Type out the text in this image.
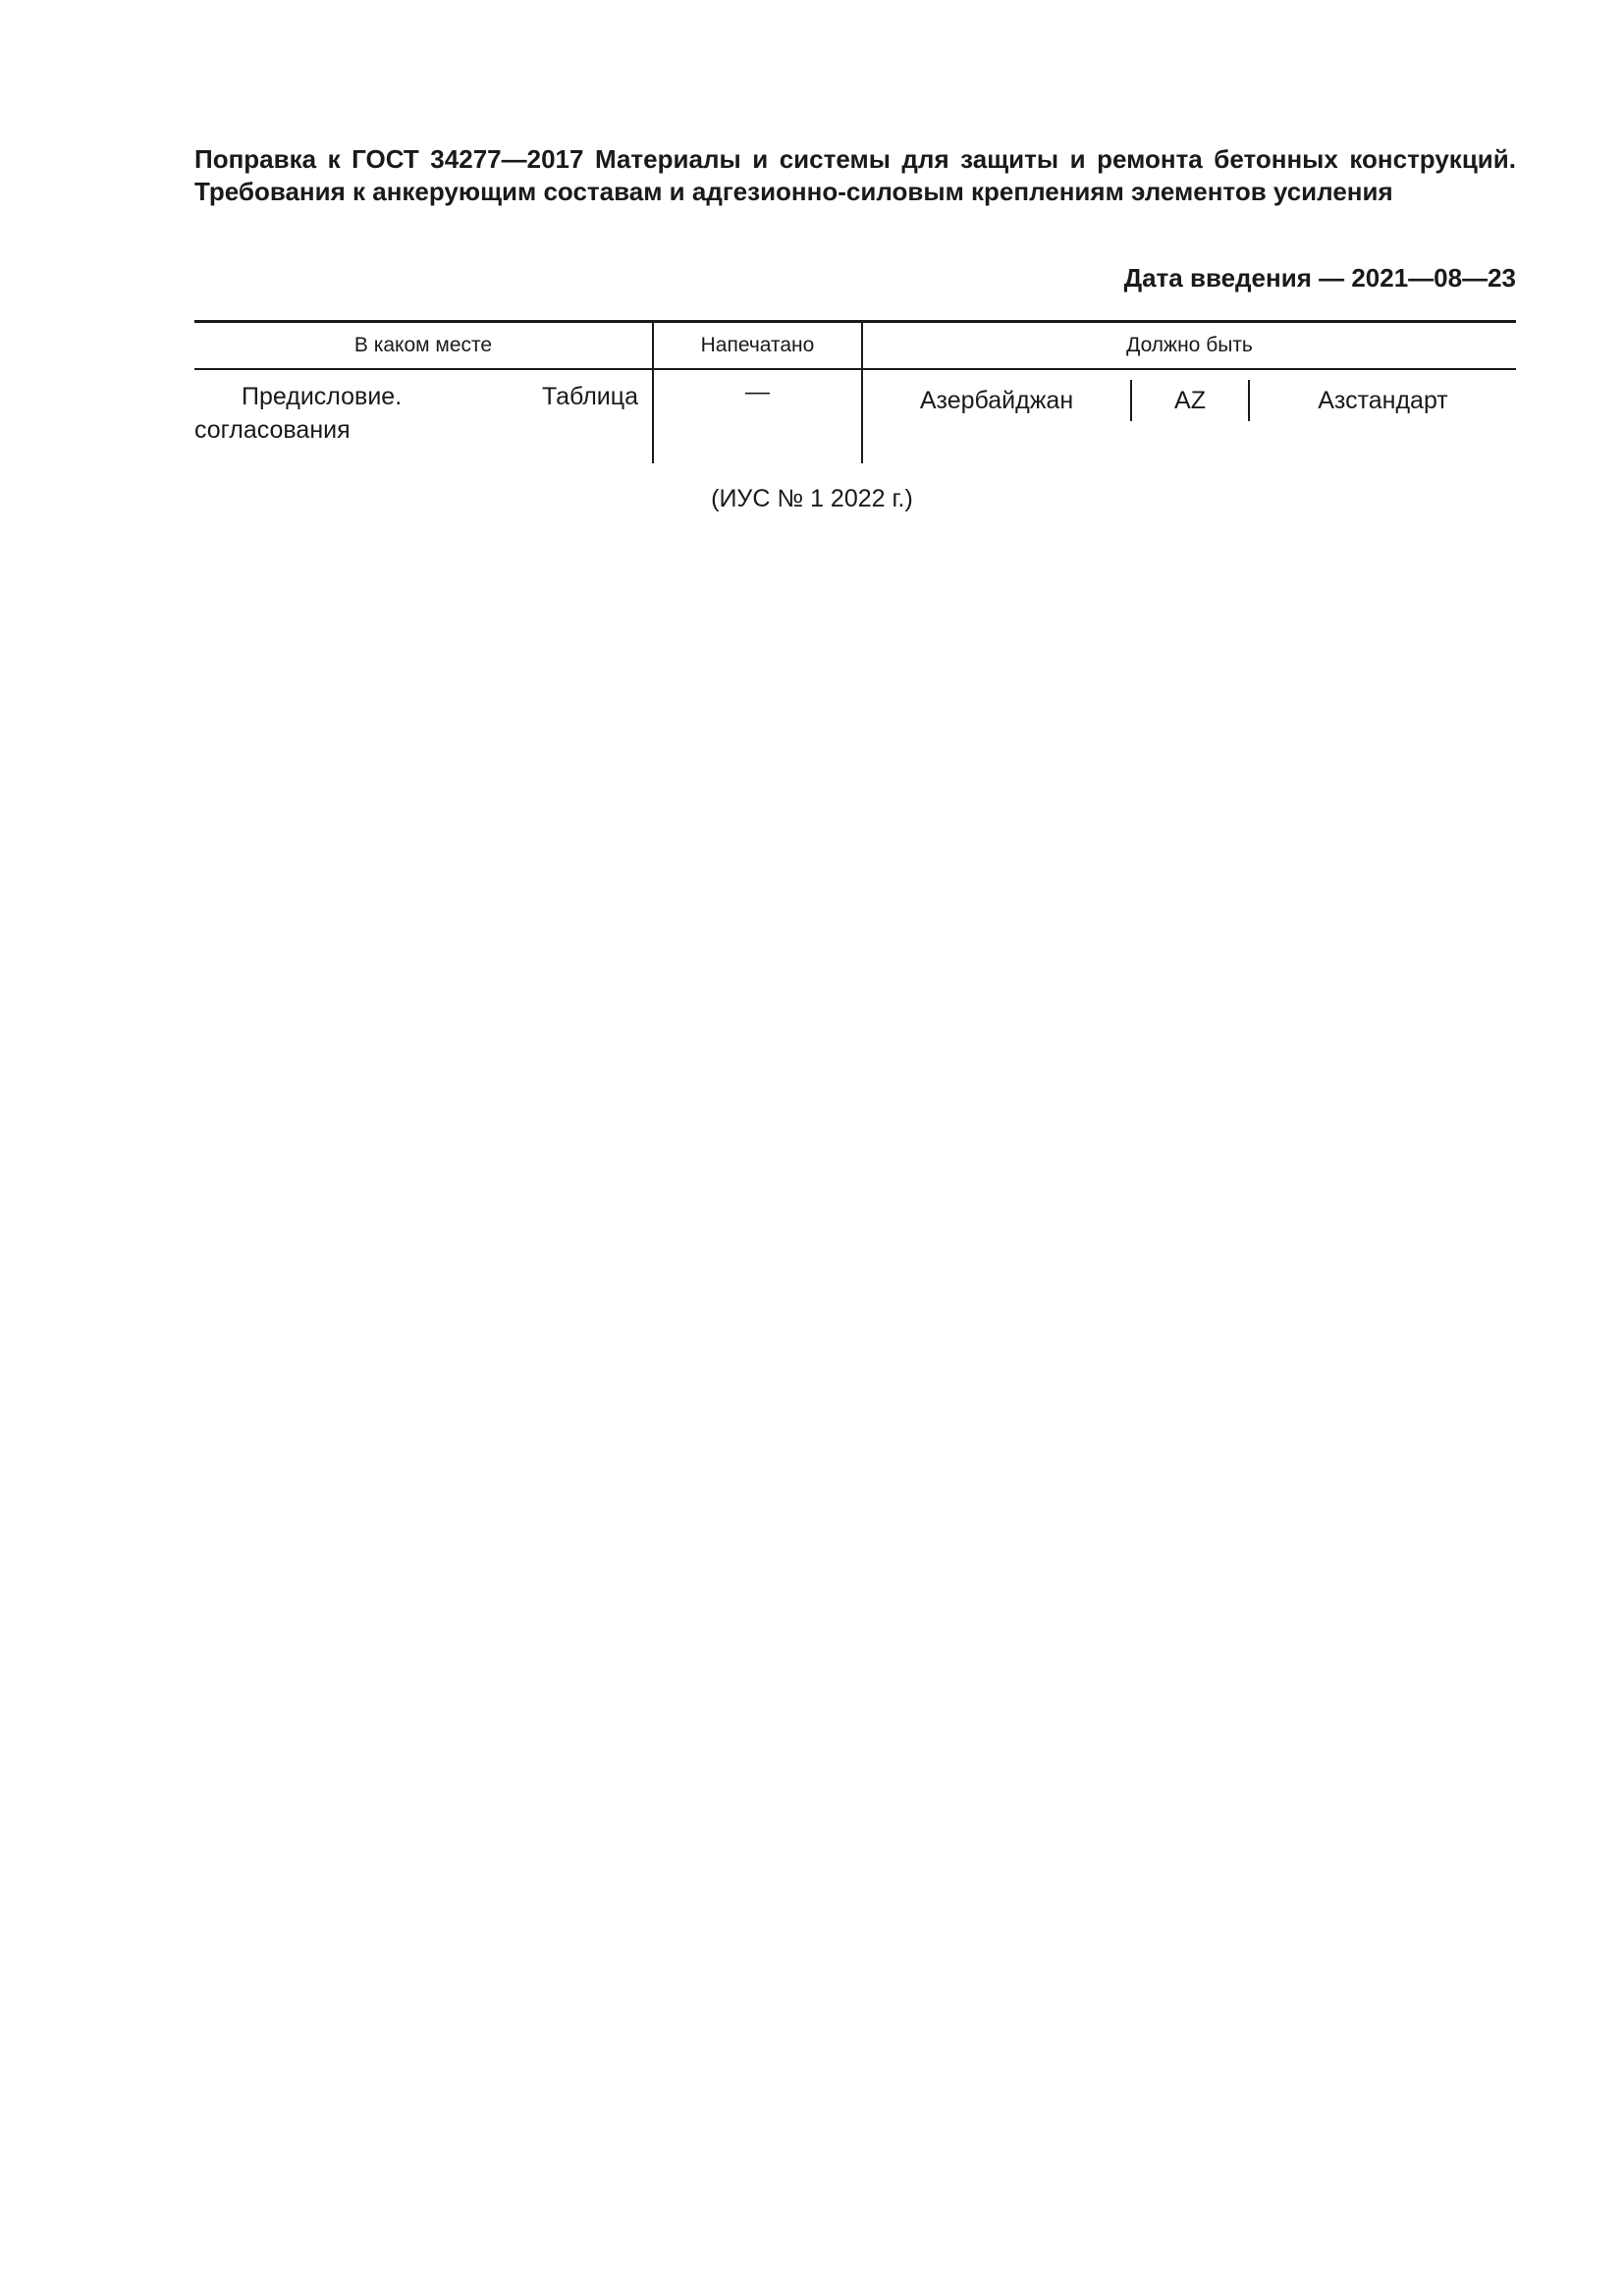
Поправка к ГОСТ 34277—2017 Материалы и системы для защиты и ремонта бетонных конструкций. Требования к анкерующим составам и адгезионно-силовым креплениям элементов усиления

Дата введения — 2021—08—23

В каком месте	Напечатано	Должно быть
Предисловие. Таблица согласования	—	Азербайджан AZ Азстандарт

(ИУС № 1 2022 г.)
